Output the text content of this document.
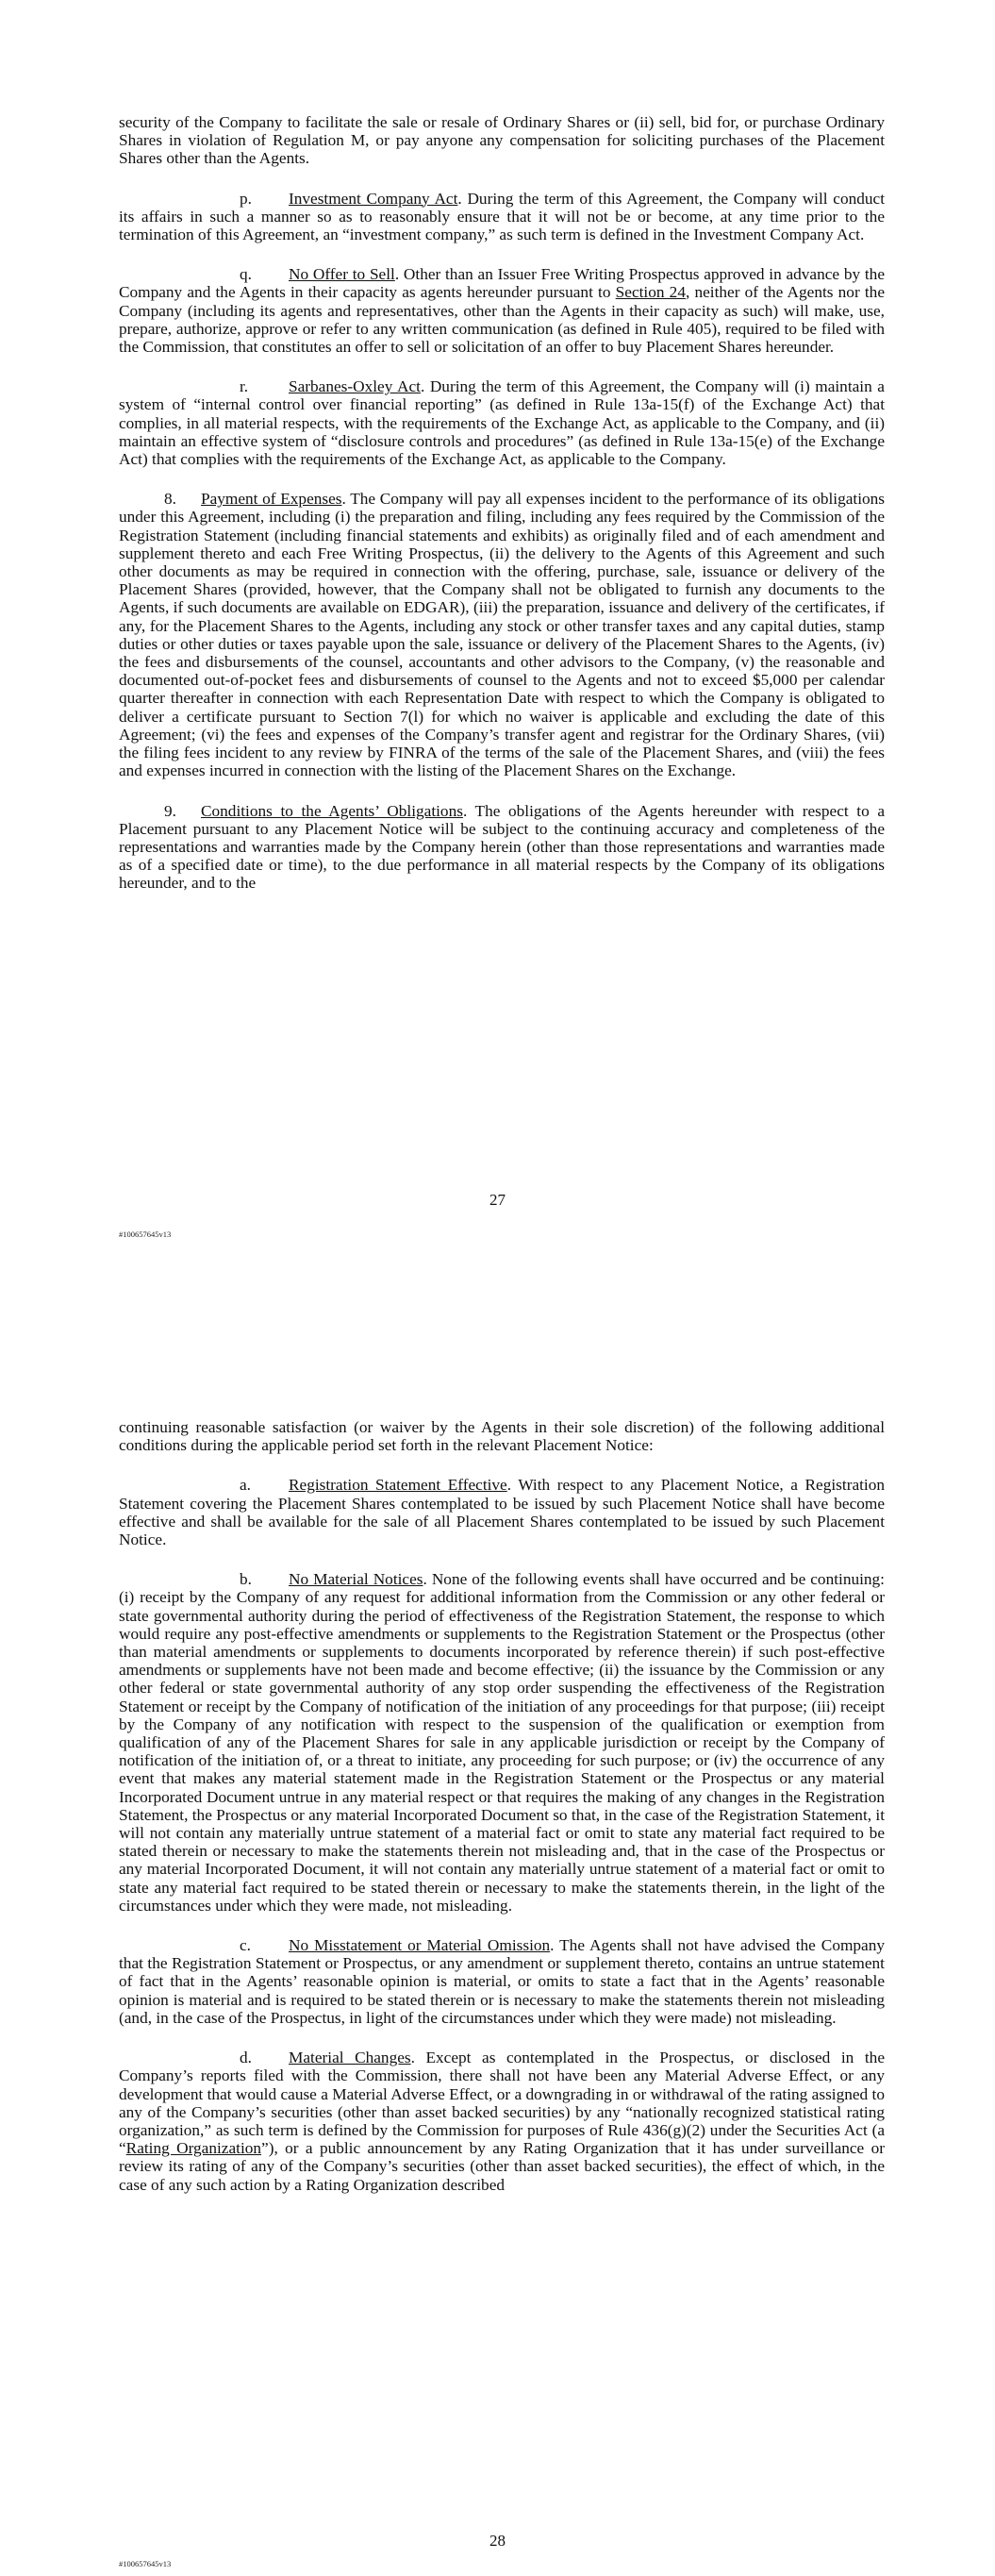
security of the Company to facilitate the sale or resale of Ordinary Shares or (ii) sell, bid for, or purchase Ordinary Shares in violation of Regulation M, or pay anyone any compensation for soliciting purchases of the Placement Shares other than the Agents.

p. Investment Company Act. During the term of this Agreement, the Company will conduct its affairs in such a manner so as to reasonably ensure that it will not be or become, at any time prior to the termination of this Agreement, an “investment company,” as such term is defined in the Investment Company Act.

q. No Offer to Sell. Other than an Issuer Free Writing Prospectus approved in advance by the Company and the Agents in their capacity as agents hereunder pursuant to Section 24, neither of the Agents nor the Company (including its agents and representatives, other than the Agents in their capacity as such) will make, use, prepare, authorize, approve or refer to any written communication (as defined in Rule 405), required to be filed with the Commission, that constitutes an offer to sell or solicitation of an offer to buy Placement Shares hereunder.

r. Sarbanes-Oxley Act. During the term of this Agreement, the Company will (i) maintain a system of “internal control over financial reporting” (as defined in Rule 13a-15(f) of the Exchange Act) that complies, in all material respects, with the requirements of the Exchange Act, as applicable to the Company, and (ii) maintain an effective system of “disclosure controls and procedures” (as defined in Rule 13a-15(e) of the Exchange Act) that complies with the requirements of the Exchange Act, as applicable to the Company.

8. Payment of Expenses. The Company will pay all expenses incident to the performance of its obligations under this Agreement, including (i) the preparation and filing, including any fees required by the Commission of the Registration Statement (including financial statements and exhibits) as originally filed and of each amendment and supplement thereto and each Free Writing Prospectus, (ii) the delivery to the Agents of this Agreement and such other documents as may be required in connection with the offering, purchase, sale, issuance or delivery of the Placement Shares (provided, however, that the Company shall not be obligated to furnish any documents to the Agents, if such documents are available on EDGAR), (iii) the preparation, issuance and delivery of the certificates, if any, for the Placement Shares to the Agents, including any stock or other transfer taxes and any capital duties, stamp duties or other duties or taxes payable upon the sale, issuance or delivery of the Placement Shares to the Agents, (iv) the fees and disbursements of the counsel, accountants and other advisors to the Company, (v) the reasonable and documented out-of-pocket fees and disbursements of counsel to the Agents and not to exceed $5,000 per calendar quarter thereafter in connection with each Representation Date with respect to which the Company is obligated to deliver a certificate pursuant to Section 7(l) for which no waiver is applicable and excluding the date of this Agreement; (vi) the fees and expenses of the Company’s transfer agent and registrar for the Ordinary Shares, (vii) the filing fees incident to any review by FINRA of the terms of the sale of the Placement Shares, and (viii) the fees and expenses incurred in connection with the listing of the Placement Shares on the Exchange.

9. Conditions to the Agents’ Obligations. The obligations of the Agents hereunder with respect to a Placement pursuant to any Placement Notice will be subject to the continuing accuracy and completeness of the representations and warranties made by the Company herein (other than those representations and warranties made as of a specified date or time), to the due performance in all material respects by the Company of its obligations hereunder, and to the

27
#100657645v13

continuing reasonable satisfaction (or waiver by the Agents in their sole discretion) of the following additional conditions during the applicable period set forth in the relevant Placement Notice:

a. Registration Statement Effective. With respect to any Placement Notice, a Registration Statement covering the Placement Shares contemplated to be issued by such Placement Notice shall have become effective and shall be available for the sale of all Placement Shares contemplated to be issued by such Placement Notice.

b. No Material Notices. None of the following events shall have occurred and be continuing: (i) receipt by the Company of any request for additional information from the Commission or any other federal or state governmental authority during the period of effectiveness of the Registration Statement, the response to which would require any post-effective amendments or supplements to the Registration Statement or the Prospectus (other than material amendments or supplements to documents incorporated by reference therein) if such post-effective amendments or supplements have not been made and become effective; (ii) the issuance by the Commission or any other federal or state governmental authority of any stop order suspending the effectiveness of the Registration Statement or receipt by the Company of notification of the initiation of any proceedings for that purpose; (iii) receipt by the Company of any notification with respect to the suspension of the qualification or exemption from qualification of any of the Placement Shares for sale in any applicable jurisdiction or receipt by the Company of notification of the initiation of, or a threat to initiate, any proceeding for such purpose; or (iv) the occurrence of any event that makes any material statement made in the Registration Statement or the Prospectus or any material Incorporated Document untrue in any material respect or that requires the making of any changes in the Registration Statement, the Prospectus or any material Incorporated Document so that, in the case of the Registration Statement, it will not contain any materially untrue statement of a material fact or omit to state any material fact required to be stated therein or necessary to make the statements therein not misleading and, that in the case of the Prospectus or any material Incorporated Document, it will not contain any materially untrue statement of a material fact or omit to state any material fact required to be stated therein or necessary to make the statements therein, in the light of the circumstances under which they were made, not misleading.

c. No Misstatement or Material Omission. The Agents shall not have advised the Company that the Registration Statement or Prospectus, or any amendment or supplement thereto, contains an untrue statement of fact that in the Agents’ reasonable opinion is material, or omits to state a fact that in the Agents’ reasonable opinion is material and is required to be stated therein or is necessary to make the statements therein not misleading (and, in the case of the Prospectus, in light of the circumstances under which they were made) not misleading.

d. Material Changes. Except as contemplated in the Prospectus, or disclosed in the Company’s reports filed with the Commission, there shall not have been any Material Adverse Effect, or any development that would cause a Material Adverse Effect, or a downgrading in or withdrawal of the rating assigned to any of the Company’s securities (other than asset backed securities) by any “nationally recognized statistical rating organization,” as such term is defined by the Commission for purposes of Rule 436(g)(2) under the Securities Act (a “Rating Organization”), or a public announcement by any Rating Organization that it has under surveillance or review its rating of any of the Company’s securities (other than asset backed securities), the effect of which, in the case of any such action by a Rating Organization described

28
#100657645v13
